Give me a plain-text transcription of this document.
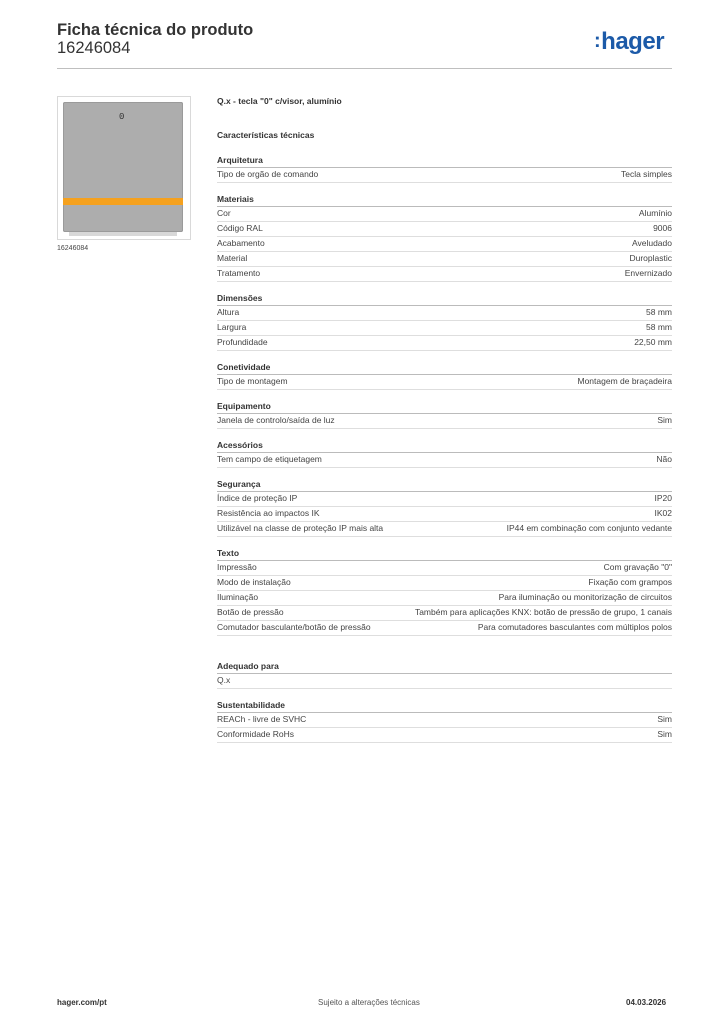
Ficha técnica do produto
16246084	:hager
0
16246084
Q.x - tecla "0" c/visor, alumínio
Características técnicas
Arquitetura
Tipo de orgão de comando	Tecla simples
Materiais
Cor	Alumínio
Código RAL	9006
Acabamento	Aveludado
Material	Duroplastic
Tratamento	Envernizado
Dimensões
Altura	58 mm
Largura	58 mm
Profundidade	22,50 mm
Conetividade
Tipo de montagem	Montagem de braçadeira
Equipamento
Janela de controlo/saída de luz	Sim
Acessórios
Tem campo de etiquetagem	Não
Segurança
Índice de proteção IP	IP20
Resistência ao impactos IK	IK02
Utilizável na classe de proteção IP mais alta	IP44 em combinação com conjunto vedante
Texto
Impressão	Com gravação "0"
Modo de instalação	Fixação com grampos
Iluminação	Para iluminação ou monitorização de circuitos
Botão de pressão	Também para aplicações KNX: botão de pressão de grupo, 1 canais
Comutador basculante/botão de pressão	Para comutadores basculantes com múltiplos polos
Adequado para
Q.x
Sustentabilidade
REACh - livre de SVHC	Sim
Conformidade RoHs	Sim
hager.com/pt	Sujeito a alterações técnicas	04.03.2026
